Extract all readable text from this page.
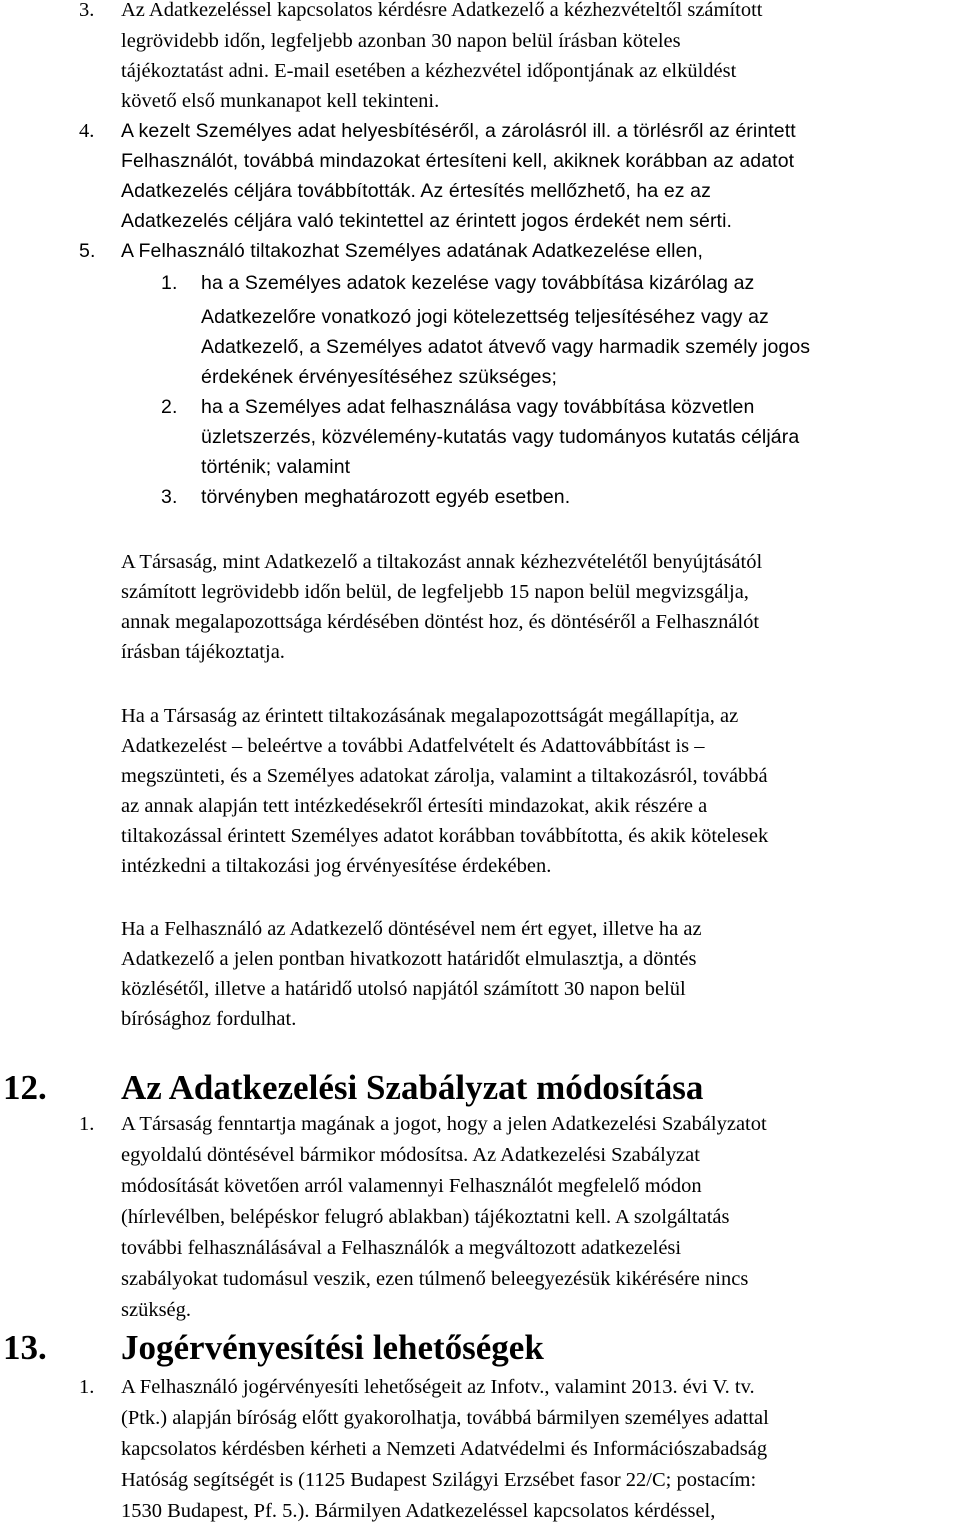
3. Az Adatkezeléssel kapcsolatos kérdésre Adatkezelő a kézhezvételtől számított
legrövidebb időn, legfeljebb azonban 30 napon belül írásban köteles
tájékoztatást adni. E-mail esetében a kézhezvétel időpontjának az elküldést
követő első munkanapot kell tekinteni.
4. A kezelt Személyes adat helyesbítéséről, a zárolásról ill. a törlésről az érintett
Felhasználót, továbbá mindazokat értesíteni kell, akiknek korábban az adatot
Adatkezelés céljára továbbították. Az értesítés mellőzhető, ha ez az
Adatkezelés céljára való tekintettel az érintett jogos érdekét nem sérti.
5. A Felhasználó tiltakozhat Személyes adatának Adatkezelése ellen,
1. ha a Személyes adatok kezelése vagy továbbítása kizárólag az
Adatkezelőre vonatkozó jogi kötelezettség teljesítéséhez vagy az
Adatkezelő, a Személyes adatot átvevő vagy harmadik személy jogos
érdekének érvényesítéséhez szükséges;
2. ha a Személyes adat felhasználása vagy továbbítása közvetlen
üzletszerzés, közvélemény-kutatás vagy tudományos kutatás céljára
történik; valamint
3. törvényben meghatározott egyéb esetben.
A Társaság, mint Adatkezelő a tiltakozást annak kézhezvételétől benyújtásától
számított legrövidebb időn belül, de legfeljebb 15 napon belül megvizsgálja,
annak megalapozottsága kérdésében döntést hoz, és döntéséről a Felhasználót
írásban tájékoztatja.
Ha a Társaság az érintett tiltakozásának megalapozottságát megállapítja, az
Adatkezelést – beleértve a további Adatfelvételt és Adattovábbítást is –
megszünteti, és a Személyes adatokat zárolja, valamint a tiltakozásról, továbbá
az annak alapján tett intézkedésekről értesíti mindazokat, akik részére a
tiltakozással érintett Személyes adatot korábban továbbította, és akik kötelesek
intézkedni a tiltakozási jog érvényesítése érdekében.
Ha a Felhasználó az Adatkezelő döntésével nem ért egyet, illetve ha az
Adatkezelő a jelen pontban hivatkozott határidőt elmulasztja, a döntés
közlésétől, illetve a határidő utolsó napjától számított 30 napon belül
bírósághoz fordulhat.
12. Az Adatkezelési Szabályzat módosítása
1. A Társaság fenntartja magának a jogot, hogy a jelen Adatkezelési Szabályzatot
egyoldalú döntésével bármikor módosítsa. Az Adatkezelési Szabályzat
módosítását követően arról valamennyi Felhasználót megfelelő módon
(hírlevélben, belépéskor felugró ablakban) tájékoztatni kell. A szolgáltatás
további felhasználásával a Felhasználók a megváltozott adatkezelési
szabályokat tudomásul veszik, ezen túlmenő beleegyezésük kikérésére nincs
szükség.
13. Jogérvényesítési lehetőségek
1. A Felhasználó jogérvényesíti lehetőségeit az Infotv., valamint 2013. évi V. tv.
(Ptk.) alapján bíróság előtt gyakorolhatja, továbbá bármilyen személyes adattal
kapcsolatos kérdésben kérheti a Nemzeti Adatvédelmi és Információszabadság
Hatóság segítségét is (1125 Budapest Szilágyi Erzsébet fasor 22/C; postacím:
1530 Budapest, Pf. 5.). Bármilyen Adatkezeléssel kapcsolatos kérdéssel,
